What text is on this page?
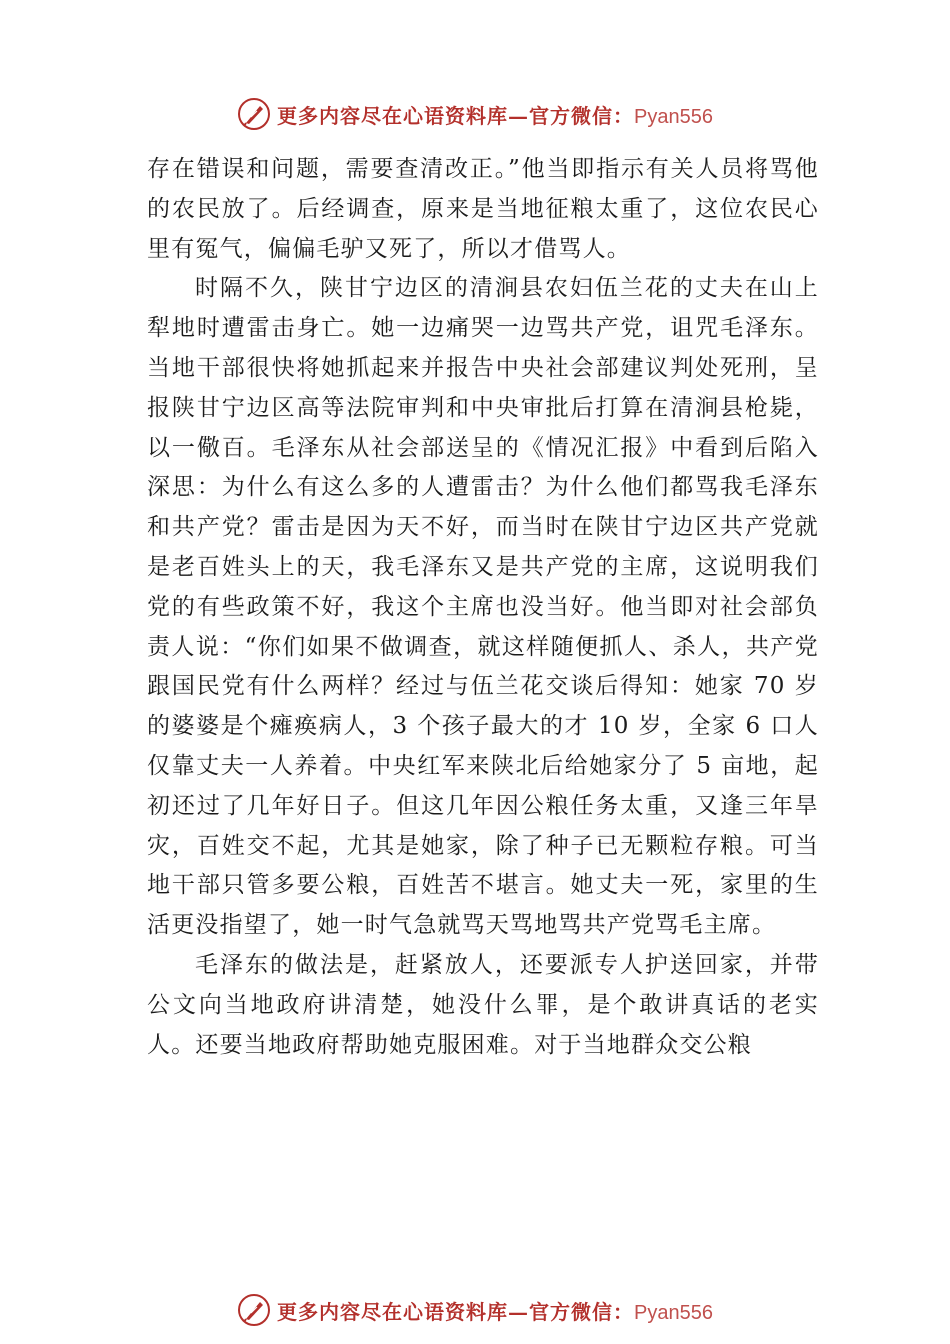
更多内容尽在心语资料库—官方微信：Pyan556

存在错误和问题，需要查清改正。”他当即指示有关人员将骂他的农民放了。后经调查，原来是当地征粮太重了，这位农民心里有冤气，偏偏毛驴又死了，所以才借骂人。

时隔不久，陕甘宁边区的清涧县农妇伍兰花的丈夫在山上犁地时遭雷击身亡。她一边痛哭一边骂共产党，诅咒毛泽东。当地干部很快将她抓起来并报告中央社会部建议判处死刑，呈报陕甘宁边区高等法院审判和中央审批后打算在清涧县枪毙，以一儆百。毛泽东从社会部送呈的《情况汇报》中看到后陷入深思：为什么有这么多的人遭雷击？为什么他们都骂我毛泽东和共产党？雷击是因为天不好，而当时在陕甘宁边区共产党就是老百姓头上的天，我毛泽东又是共产党的主席，这说明我们党的有些政策不好，我这个主席也没当好。他当即对社会部负责人说：“你们如果不做调查，就这样随便抓人、杀人，共产党跟国民党有什么两样？经过与伍兰花交谈后得知：她家 70 岁的婆婆是个瘫痪病人，3 个孩子最大的才 10 岁，全家 6 口人仅靠丈夫一人养着。中央红军来陕北后给她家分了 5 亩地，起初还过了几年好日子。但这几年因公粮任务太重，又逢三年旱灾，百姓交不起，尤其是她家，除了种子已无颗粒存粮。可当地干部只管多要公粮，百姓苦不堪言。她丈夫一死，家里的生活更没指望了，她一时气急就骂天骂地骂共产党骂毛主席。

毛泽东的做法是，赶紧放人，还要派专人护送回家，并带公文向当地政府讲清楚，她没什么罪，是个敢讲真话的老实人。还要当地政府帮助她克服困难。对于当地群众交公粮

更多内容尽在心语资料库—官方微信：Pyan556
